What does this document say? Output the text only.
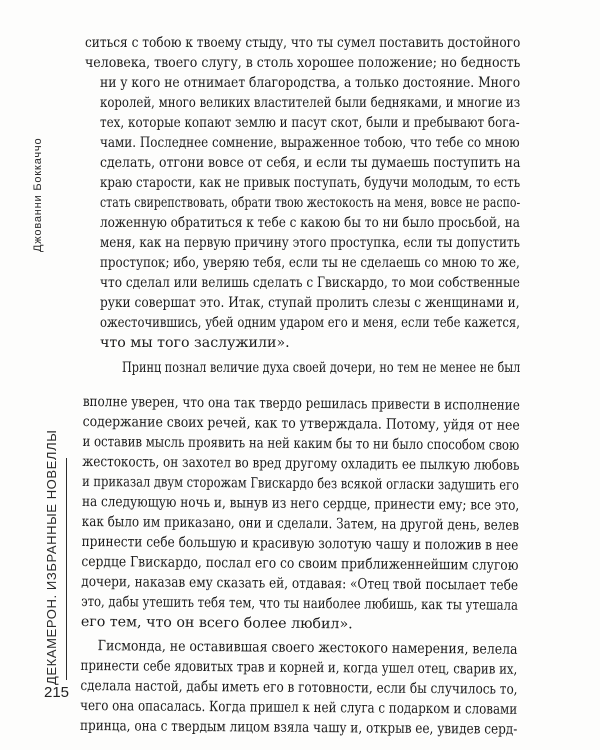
Джованни Боккаччо
ДЕКАМЕРОН. ИЗБРАННЫЕ НОВЕЛЛЫ
215
ситься с тобою к твоему стыду, что ты сумел поставить достойного
человека, твоего слугу, в столь хорошее положение; но бедность
ни у кого не отнимает благородства, а только достояние. Много
королей, много великих властителей были бедняками, и многие из
тех, которые копают землю и пасут скот, были и пребывают бога-
чами. Последнее сомнение, выраженное тобою, что тебе со мною
сделать, отгони вовсе от себя, и если ты думаешь поступить на
краю старости, как не привык поступать, будучи молодым, то есть
стать свирепствовать, обрати твою жестокость на меня, вовсе не распо-
ложенную обратиться к тебе с какою бы то ни было просьбой, на
меня, как на первую причину этого проступка, если ты допустить
проступок; ибо, уверяю тебя, если ты не сделаешь со мною то же,
что сделал или велишь сделать с Гвискардо, то мои собственные
руки совершат это. Итак, ступай пролить слезы с женщинами и,
ожесточившись, убей одним ударом его и меня, если тебе кажется,
что мы того заслужили».
Принц познал величие духа своей дочери, но тем не менее не был
вполне уверен, что она так твердо решилась привести в исполнение
содержание своих речей, как то утверждала. Потому, уйдя от нее
и оставив мысль проявить на ней каким бы то ни было способом свою
жестокость, он захотел во вред другому охладить ее пылкую любовь
и приказал двум сторожам Гвискардо без всякой огласки задушить его
на следующую ночь и, вынув из него сердце, принести ему; все это,
как было им приказано, они и сделали. Затем, на другой день, велев
принести себе большую и красивую золотую чашу и положив в нее
сердце Гвискардо, послал его со своим приближеннейшим слугою
дочери, наказав ему сказать ей, отдавая: «Отец твой посылает тебе
это, дабы утешить тебя тем, что ты наиболее любишь, как ты утешала
его тем, что он всего более любил».
Гисмонда, не оставившая своего жестокого намерения, велела
принести себе ядовитых трав и корней и, когда ушел отец, сварив их,
сделала настой, дабы иметь его в готовности, если бы случилось то,
чего она опасалась. Когда пришел к ней слуга с подарком и словами
принца, она с твердым лицом взяла чашу и, открыв ее, увидев серд-
